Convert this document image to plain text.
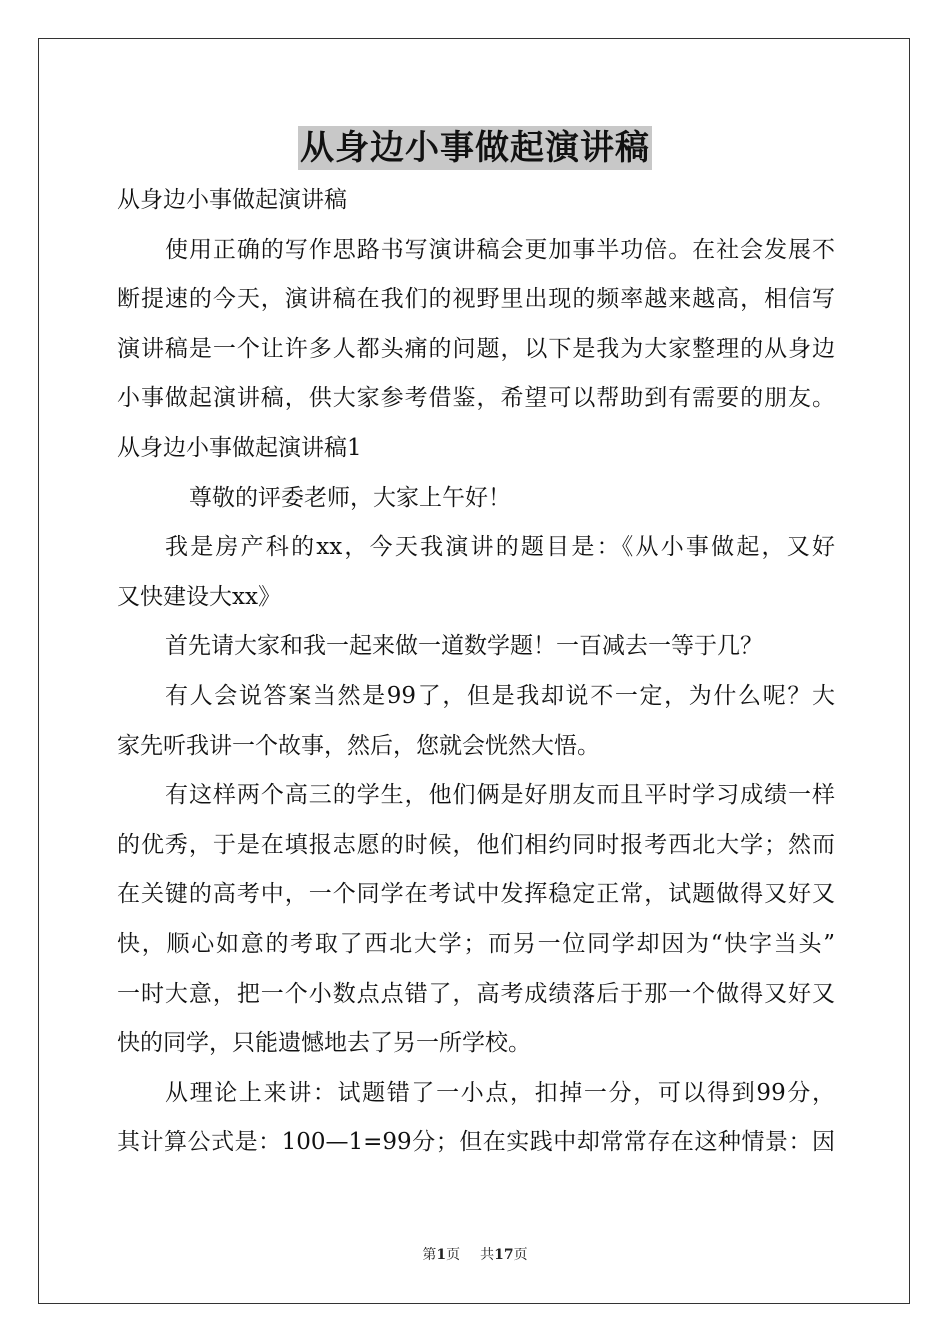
从身边小事做起演讲稿
从身边小事做起演讲稿
使用正确的写作思路书写演讲稿会更加事半功倍。在社会发展不
断提速的今天，演讲稿在我们的视野里出现的频率越来越高，相信写
演讲稿是一个让许多人都头痛的问题，以下是我为大家整理的从身边
小事做起演讲稿，供大家参考借鉴，希望可以帮助到有需要的朋友。
从身边小事做起演讲稿1
尊敬的评委老师，大家上午好！
我是房产科的xx，今天我演讲的题目是：《从小事做起，又好
又快建设大xx》
首先请大家和我一起来做一道数学题！一百减去一等于几？
有人会说答案当然是99了，但是我却说不一定，为什么呢？大
家先听我讲一个故事，然后，您就会恍然大悟。
有这样两个高三的学生，他们俩是好朋友而且平时学习成绩一样
的优秀，于是在填报志愿的时候，他们相约同时报考西北大学；然而
在关键的高考中，一个同学在考试中发挥稳定正常，试题做得又好又
快，顺心如意的考取了西北大学；而另一位同学却因为“快字当头”
一时大意，把一个小数点点错了，高考成绩落后于那一个做得又好又
快的同学，只能遗憾地去了另一所学校。
从理论上来讲：试题错了一小点，扣掉一分，可以得到99分，
其计算公式是：100—1=99分；但在实践中却常常存在这种情景：因
第1页 共17页
